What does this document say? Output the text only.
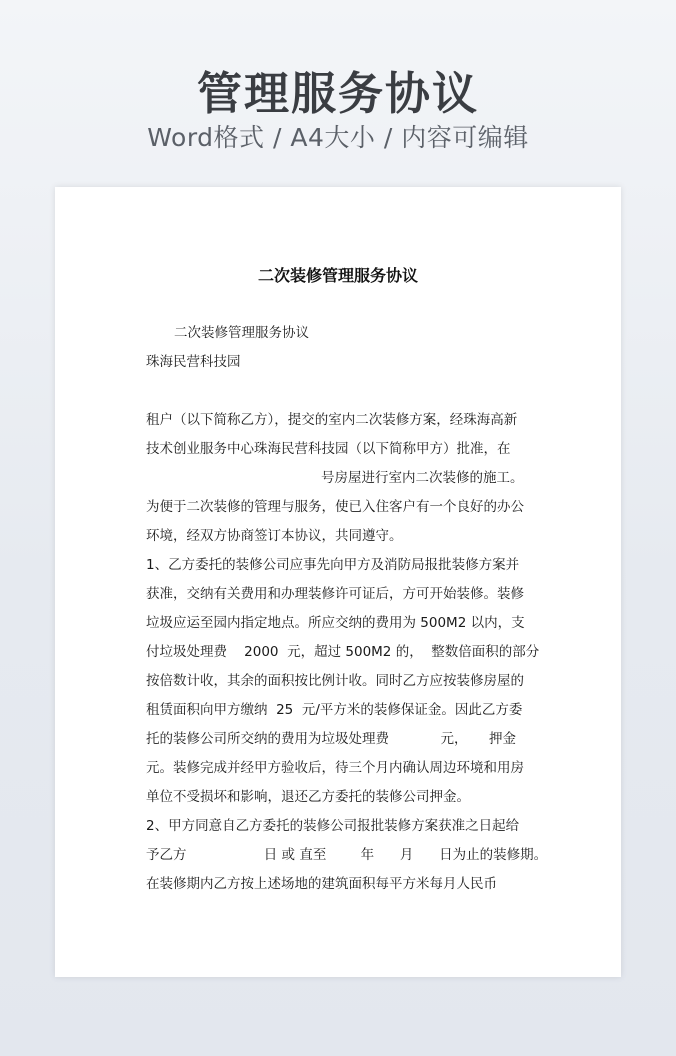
管理服务协议
Word格式 / A4大小 / 内容可编辑
二次装修管理服务协议
二次装修管理服务协议
珠海民营科技园
租户（以下简称乙方），提交的室内二次装修方案，经珠海高新
技术创业服务中心珠海民营科技园（以下简称甲方）批准，在
号房屋进行室内二次装修的施工。
为便于二次装修的管理与服务，使已入住客户有一个良好的办公
环境，经双方协商签订本协议，共同遵守。
1、乙方委托的装修公司应事先向甲方及消防局报批装修方案并
获准，交纳有关费用和办理装修许可证后，方可开始装修。装修
垃圾应运至园内指定地点。所应交纳的费用为 500M2 以内，支
付垃圾处理费    2000  元，超过 500M2 的，  整数倍面积的部分
按倍数计收，其余的面积按比例计收。同时乙方应按装修房屋的
租赁面积向甲方缴纳  25  元/平方米的装修保证金。因此乙方委
托的装修公司所交纳的费用为垃圾处理费            元，     押金
元。装修完成并经甲方验收后，待三个月内确认周边环境和用房
单位不受损坏和影响，退还乙方委托的装修公司押金。
2、甲方同意自乙方委托的装修公司报批装修方案获准之日起给
予乙方                  日 或 直至        年      月      日为止的装修期。
在装修期内乙方按上述场地的建筑面积每平方米每月人民币
